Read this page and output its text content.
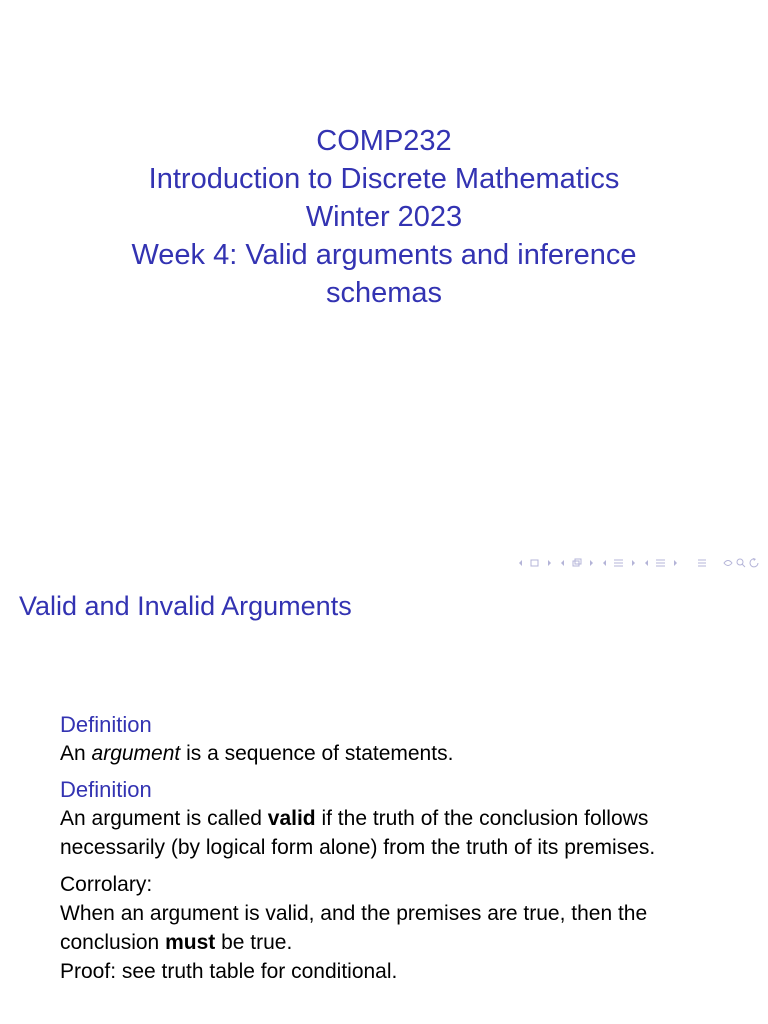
COMP232
Introduction to Discrete Mathematics
Winter 2023
Week 4: Valid arguments and inference
schemas
Valid and Invalid Arguments
Definition
An argument is a sequence of statements.
Definition
An argument is called valid if the truth of the conclusion follows necessarily (by logical form alone) from the truth of its premises.
Corrolary:
When an argument is valid, and the premises are true, then the conclusion must be true.
Proof: see truth table for conditional.
